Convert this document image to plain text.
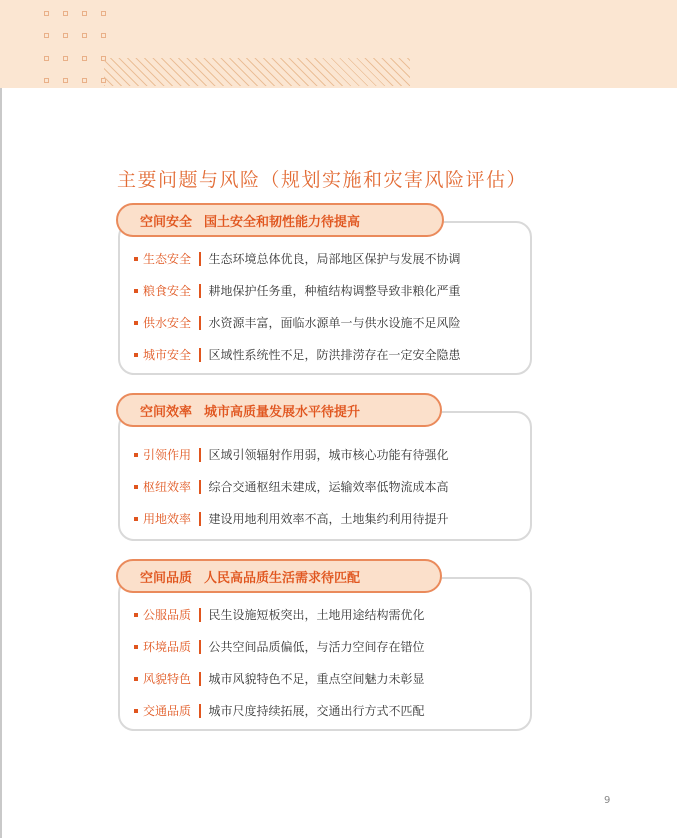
主要问题与风险（规划实施和灾害风险评估）
空间安全 国土安全和韧性能力待提高
生态安全 生态环境总体优良，局部地区保护与发展不协调
粮食安全 耕地保护任务重，种植结构调整导致非粮化严重
供水安全 水资源丰富，面临水源单一与供水设施不足风险
城市安全 区域性系统性不足，防洪排涝存在一定安全隐患
空间效率 城市高质量发展水平待提升
引领作用 区域引领辐射作用弱，城市核心功能有待强化
枢纽效率 综合交通枢纽未建成，运输效率低物流成本高
用地效率 建设用地利用效率不高，土地集约利用待提升
空间品质 人民高品质生活需求待匹配
公服品质 民生设施短板突出，土地用途结构需优化
环境品质 公共空间品质偏低，与活力空间存在错位
风貌特色 城市风貌特色不足，重点空间魅力未彰显
交通品质 城市尺度持续拓展，交通出行方式不匹配
9
